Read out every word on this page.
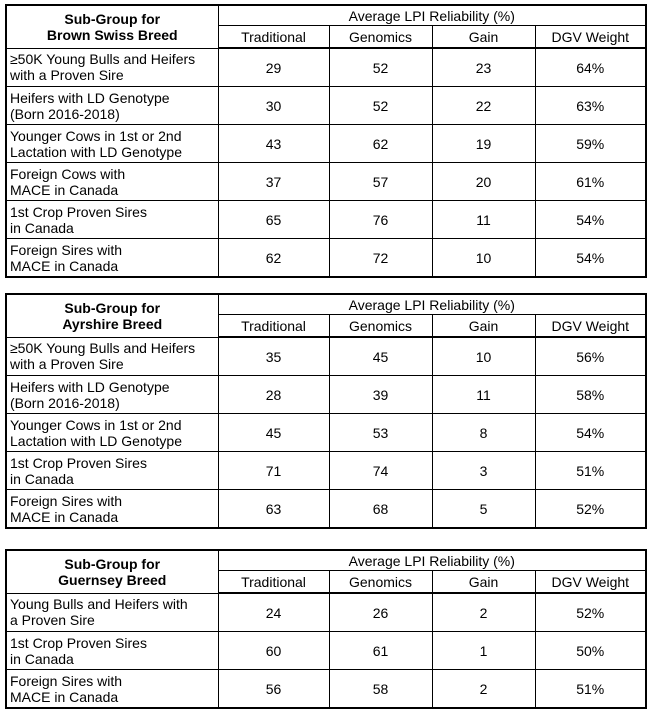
Sub-Group for
Brown Swiss Breed	Average LPI Reliability (%)			
	Traditional	Genomics	Gain	DGV Weight
≥50K Young Bulls and Heifers
with a Proven Sire	29	52	23	64%
Heifers with LD Genotype
(Born 2016-2018)	30	52	22	63%
Younger Cows in 1st or 2nd
Lactation with LD Genotype	43	62	19	59%
Foreign Cows with
MACE in Canada	37	57	20	61%
1st Crop Proven Sires
in Canada	65	76	11	54%
Foreign Sires with
MACE in Canada	62	72	10	54%
Sub-Group for
Ayrshire Breed	Average LPI Reliability (%)			
	Traditional	Genomics	Gain	DGV Weight
≥50K Young Bulls and Heifers
with a Proven Sire	35	45	10	56%
Heifers with LD Genotype
(Born 2016-2018)	28	39	11	58%
Younger Cows in 1st or 2nd
Lactation with LD Genotype	45	53	8	54%
1st Crop Proven Sires
in Canada	71	74	3	51%
Foreign Sires with
MACE in Canada	63	68	5	52%
Sub-Group for
Guernsey Breed	Average LPI Reliability (%)			
	Traditional	Genomics	Gain	DGV Weight
Young Bulls and Heifers with
a Proven Sire	24	26	2	52%
1st Crop Proven Sires
in Canada	60	61	1	50%
Foreign Sires with
MACE in Canada	56	58	2	51%
